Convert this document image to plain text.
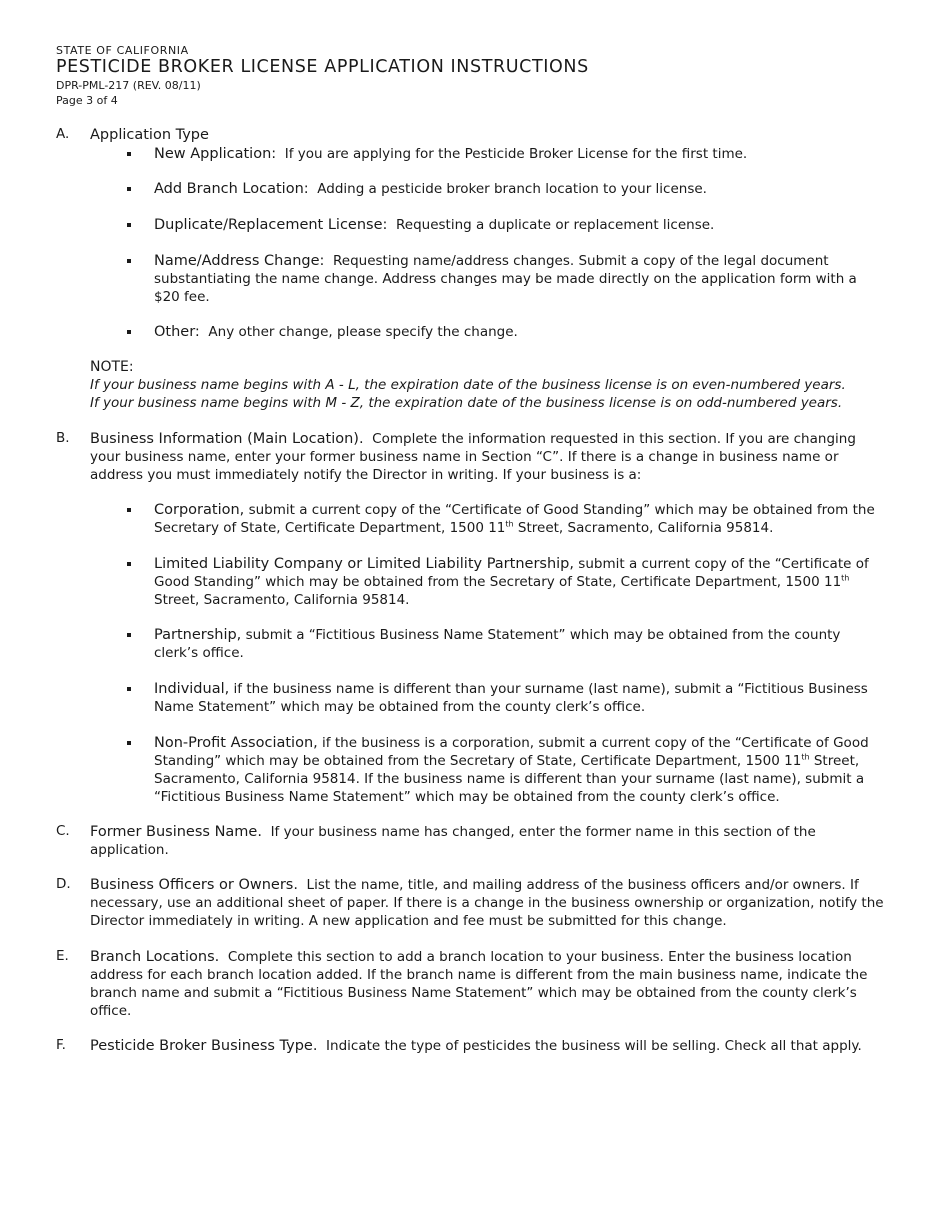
STATE OF CALIFORNIA
PESTICIDE BROKER LICENSE APPLICATION INSTRUCTIONS
DPR-PML-217 (REV. 08/11)
Page 3 of 4
A. Application Type
New Application: If you are applying for the Pesticide Broker License for the first time.
Add Branch Location: Adding a pesticide broker branch location to your license.
Duplicate/Replacement License: Requesting a duplicate or replacement license.
Name/Address Change: Requesting name/address changes. Submit a copy of the legal document substantiating the name change. Address changes may be made directly on the application form with a $20 fee.
Other: Any other change, please specify the change.
NOTE:
If your business name begins with A - L, the expiration date of the business license is on even-numbered years.
If your business name begins with M - Z, the expiration date of the business license is on odd-numbered years.
B. Business Information (Main Location). Complete the information requested in this section. If you are changing your business name, enter your former business name in Section “C”. If there is a change in business name or address you must immediately notify the Director in writing. If your business is a:
Corporation, submit a current copy of the “Certificate of Good Standing” which may be obtained from the Secretary of State, Certificate Department, 1500 11th Street, Sacramento, California 95814.
Limited Liability Company or Limited Liability Partnership, submit a current copy of the “Certificate of Good Standing” which may be obtained from the Secretary of State, Certificate Department, 1500 11th Street, Sacramento, California 95814.
Partnership, submit a “Fictitious Business Name Statement” which may be obtained from the county clerk’s office.
Individual, if the business name is different than your surname (last name), submit a “Fictitious Business Name Statement” which may be obtained from the county clerk’s office.
Non-Profit Association, if the business is a corporation, submit a current copy of the “Certificate of Good Standing” which may be obtained from the Secretary of State, Certificate Department, 1500 11th Street, Sacramento, California 95814. If the business name is different than your surname (last name), submit a “Fictitious Business Name Statement” which may be obtained from the county clerk’s office.
C. Former Business Name. If your business name has changed, enter the former name in this section of the application.
D. Business Officers or Owners. List the name, title, and mailing address of the business officers and/or owners. If necessary, use an additional sheet of paper. If there is a change in the business ownership or organization, notify the Director immediately in writing. A new application and fee must be submitted for this change.
E. Branch Locations. Complete this section to add a branch location to your business. Enter the business location address for each branch location added. If the branch name is different from the main business name, indicate the branch name and submit a “Fictitious Business Name Statement” which may be obtained from the county clerk’s office.
F. Pesticide Broker Business Type. Indicate the type of pesticides the business will be selling. Check all that apply.
